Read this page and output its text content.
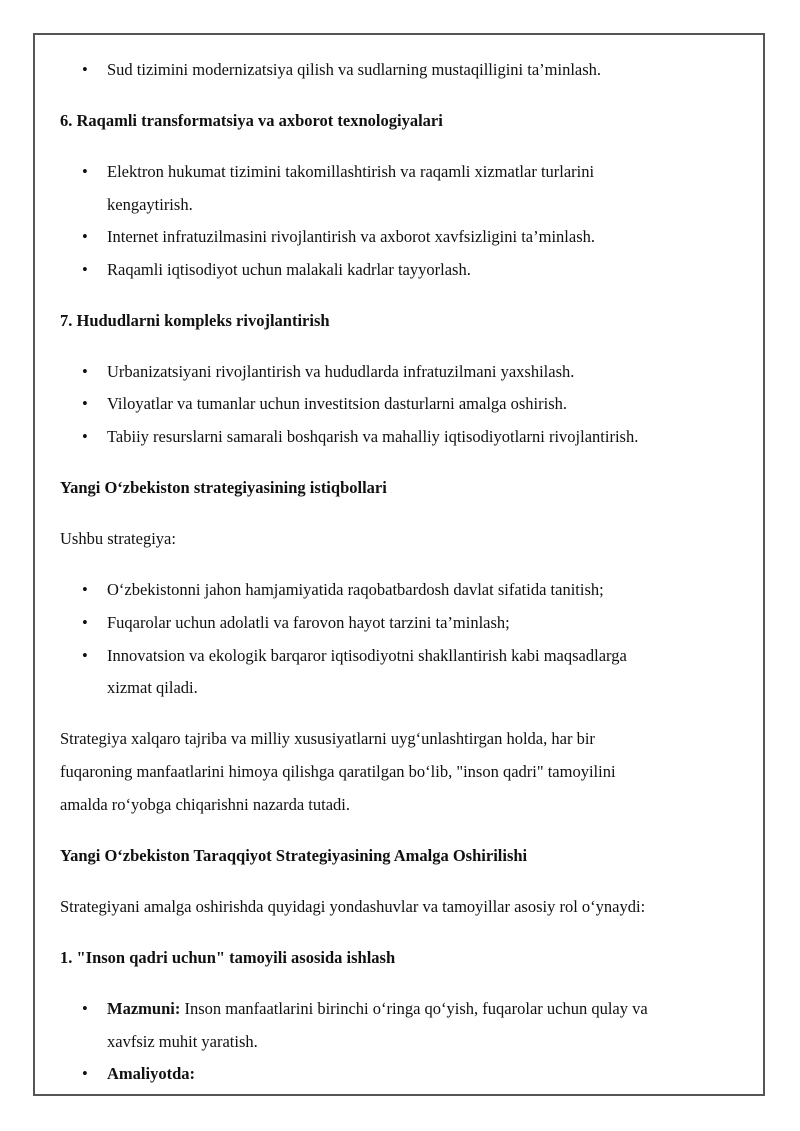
• Sud tizimini modernizatsiya qilish va sudlarning mustaqilligini ta’minlash.
6. Raqamli transformatsiya va axborot texnologiyalari
• Elektron hukumat tizimini takomillashtirish va raqamli xizmatlar turlarini
kengaytirish.
• Internet infratuzilmasini rivojlantirish va axborot xavfsizligini ta’minlash.
• Raqamli iqtisodiyot uchun malakali kadrlar tayyorlash.
7. Hududlarni kompleks rivojlantirish
• Urbanizatsiyani rivojlantirish va hududlarda infratuzilmani yaxshilash.
• Viloyatlar va tumanlar uchun investitsion dasturlarni amalga oshirish.
• Tabiiy resurslarni samarali boshqarish va mahalliy iqtisodiyotlarni rivojlantirish.
Yangi O‘zbekiston strategiyasining istiqbollari
Ushbu strategiya:
• O‘zbekistonni jahon hamjamiyatida raqobatbardosh davlat sifatida tanitish;
• Fuqarolar uchun adolatli va farovon hayot tarzini ta’minlash;
• Innovatsion va ekologik barqaror iqtisodiyotni shakllantirish kabi maqsadlarga
xizmat qiladi.
Strategiya xalqaro tajriba va milliy xususiyatlarni uyg‘unlashtirgan holda, har bir
fuqaroning manfaatlarini himoya qilishga qaratilgan bo‘lib, "inson qadri" tamoyilini
amalda ro‘yobga chiqarishni nazarda tutadi.
Yangi O‘zbekiston Taraqqiyot Strategiyasining Amalga Oshirilishi
Strategiyani amalga oshirishda quyidagi yondashuvlar va tamoyillar asosiy rol o‘ynaydi:
1. "Inson qadri uchun" tamoyili asosida ishlash
• Mazmuni: Inson manfaatlarini birinchi o‘ringa qo‘yish, fuqarolar uchun qulay va
xavfsiz muhit yaratish.
• Amaliyotda:
